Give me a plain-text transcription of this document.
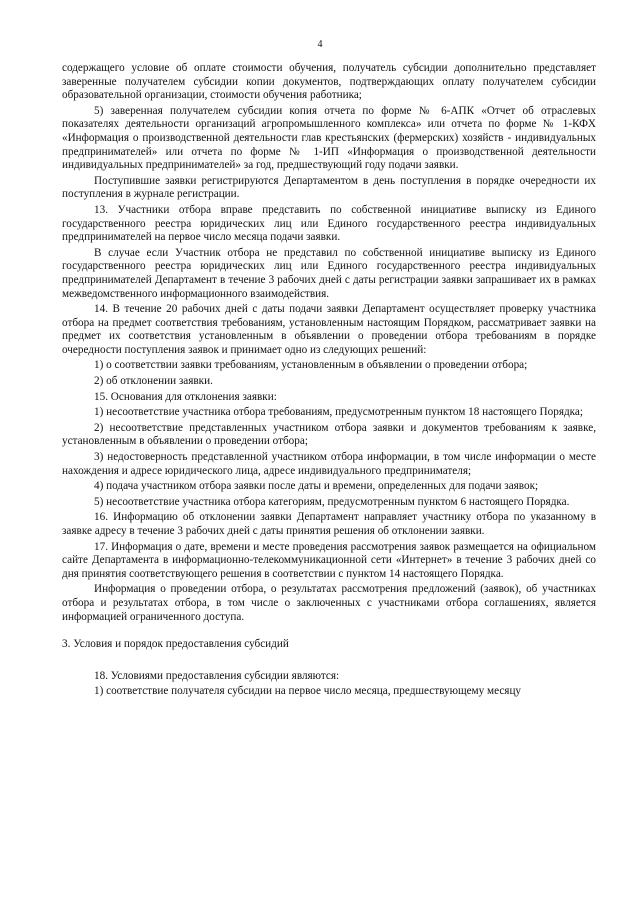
4

содержащего условие об оплате стоимости обучения, получатель субсидии дополнительно представляет заверенные получателем субсидии копии документов, подтверждающих оплату получателем субсидии образовательной организации, стоимости обучения работника;

5) заверенная получателем субсидии копия отчета по форме № 6-АПК «Отчет об отраслевых показателях деятельности организаций агропромышленного комплекса» или отчета по форме № 1-КФХ «Информация о производственной деятельности глав крестьянских (фермерских) хозяйств - индивидуальных предпринимателей» или отчета по форме № 1-ИП «Информация о производственной деятельности индивидуальных предпринимателей» за год, предшествующий году подачи заявки.

Поступившие заявки регистрируются Департаментом в день поступления в порядке очередности их поступления в журнале регистрации.

13. Участники отбора вправе представить по собственной инициативе выписку из Единого государственного реестра юридических лиц или Единого государственного реестра индивидуальных предпринимателей на первое число месяца подачи заявки.

В случае если Участник отбора не представил по собственной инициативе выписку из Единого государственного реестра юридических лиц или Единого государственного реестра индивидуальных предпринимателей Департамент в течение 3 рабочих дней с даты регистрации заявки запрашивает их в рамках межведомственного информационного взаимодействия.

14. В течение 20 рабочих дней с даты подачи заявки Департамент осуществляет проверку участника отбора на предмет соответствия требованиям, установленным настоящим Порядком, рассматривает заявки на предмет их соответствия установленным в объявлении о проведении отбора требованиям в порядке очередности поступления заявок и принимает одно из следующих решений:

1) о соответствии заявки требованиям, установленным в объявлении о проведении отбора;

2) об отклонении заявки.

15. Основания для отклонения заявки:

1) несоответствие участника отбора требованиям, предусмотренным пунктом 18 настоящего Порядка;

2) несоответствие представленных участником отбора заявки и документов требованиям к заявке, установленным в объявлении о проведении отбора;

3) недостоверность представленной участником отбора информации, в том числе информации о месте нахождения и адресе юридического лица, адресе индивидуального предпринимателя;

4) подача участником отбора заявки после даты и времени, определенных для подачи заявок;

5) несоответствие участника отбора категориям, предусмотренным пунктом 6 настоящего Порядка.

16. Информацию об отклонении заявки Департамент направляет участнику отбора по указанному в заявке адресу в течение 3 рабочих дней с даты принятия решения об отклонении заявки.

17. Информация о дате, времени и месте проведения рассмотрения заявок размещается на официальном сайте Департамента в информационно-телекоммуникационной сети «Интернет» в течение 3 рабочих дней со дня принятия соответствующего решения в соответствии с пунктом 14 настоящего Порядка.

Информация о проведении отбора, о результатах рассмотрения предложений (заявок), об участниках отбора и результатах отбора, в том числе о заключенных с участниками отбора соглашениях, является информацией ограниченного доступа.

3. Условия и порядок предоставления субсидий

18. Условиями предоставления субсидии являются:

1) соответствие получателя субсидии на первое число месяца, предшествующему месяцу
